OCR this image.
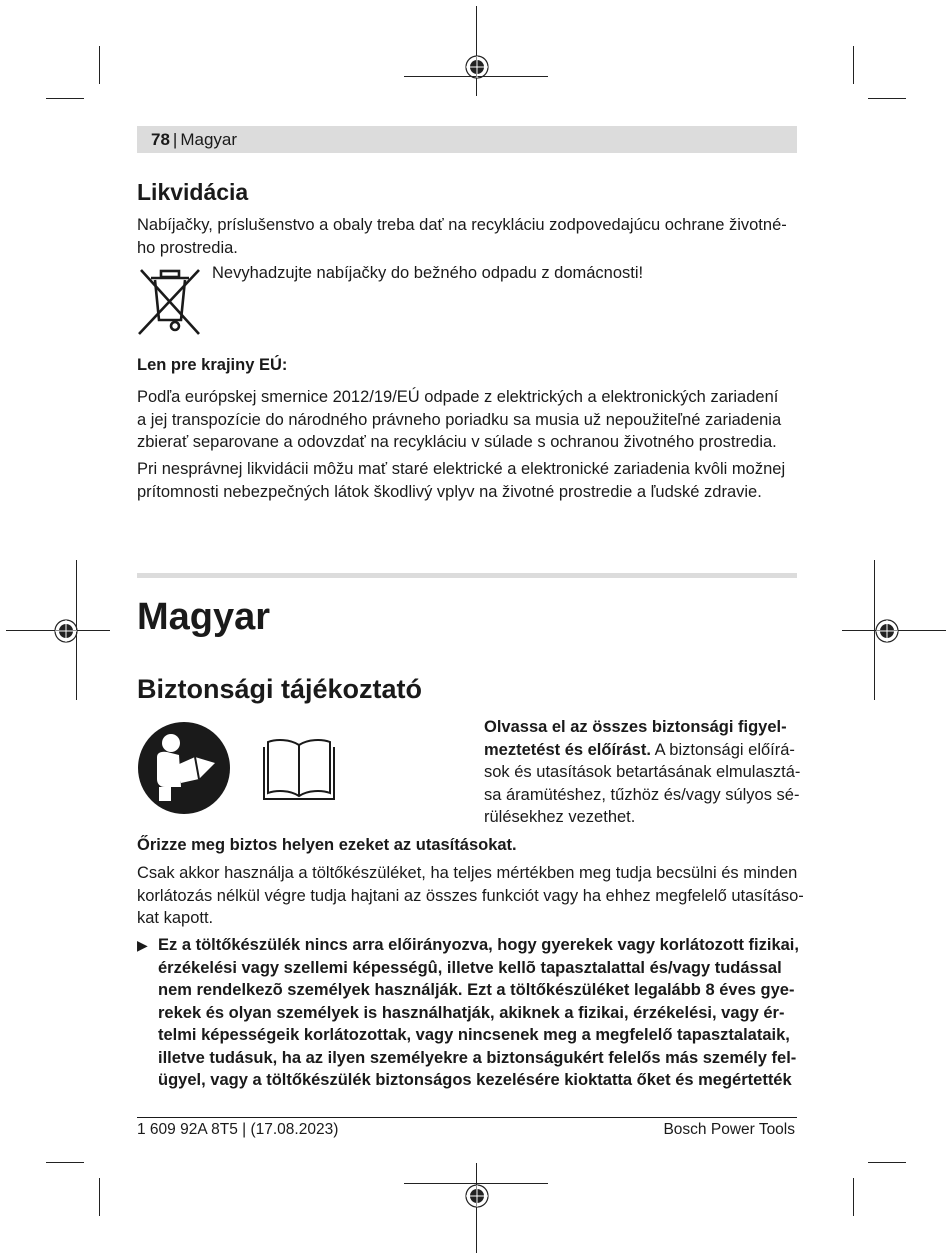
78 | Magyar
Likvidácia
Nabíjačky, príslušenstvo a obaly treba dať na recykláciu zodpovedajúcu ochrane životné-
ho prostredia.
Nevyhadzujte nabíjačky do bežného odpadu z domácnosti!
Len pre krajiny EÚ:
Podľa európskej smernice 2012/19/EÚ odpade z elektrických a elektronických zariadení
a jej transpozície do národného právneho poriadku sa musia už nepoužiteľné zariadenia
zbierať separovane a odovzdať na recykláciu v súlade s ochranou životného prostredia.
Pri nesprávnej likvidácii môžu mať staré elektrické a elektronické zariadenia kvôli možnej
prítomnosti nebezpečných látok škodlivý vplyv na životné prostredie a ľudské zdravie.
Magyar
Biztonsági tájékoztató
Olvassa el az összes biztonsági figyel-
meztetést és előírást. A biztonsági előírá-
sok és utasítások betartásának elmulasztá-
sa áramütéshez, tűzhöz és/vagy súlyos sé-
rülésekhez vezethet.
Őrizze meg biztos helyen ezeket az utasításokat.
Csak akkor használja a töltőkészüléket, ha teljes mértékben meg tudja becsülni és minden
korlátozás nélkül végre tudja hajtani az összes funkciót vagy ha ehhez megfelelő utasításo-
kat kapott.
▶ Ez a töltőkészülék nincs arra előirányozva, hogy gyerekek vagy korlátozott fizikai,
érzékelési vagy szellemi képességû, illetve kellõ tapasztalattal és/vagy tudással
nem rendelkezõ személyek használják. Ezt a töltőkészüléket legalább 8 éves gye-
rekek és olyan személyek is használhatják, akiknek a fizikai, érzékelési, vagy ér-
telmi képességeik korlátozottak, vagy nincsenek meg a megfelelő tapasztalataik,
illetve tudásuk, ha az ilyen személyekre a biztonságukért felelős más személy fel-
ügyel, vagy a töltőkészülék biztonságos kezelésére kioktatta őket és megértették
1 609 92A 8T5 | (17.08.2023)	Bosch Power Tools
